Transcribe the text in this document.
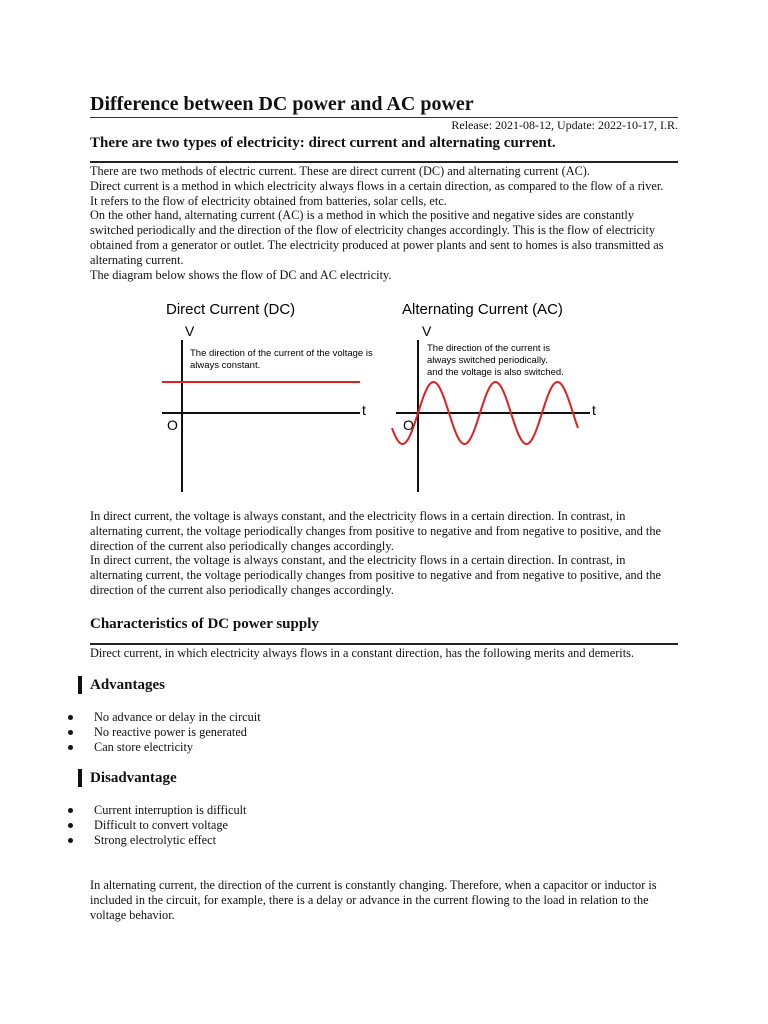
Difference between DC power and AC power
Release: 2021-08-12, Update: 2022-10-17, I.R.
There are two types of electricity: direct current and alternating current.
There are two methods of electric current. These are direct current (DC) and alternating current (AC).
Direct current is a method in which electricity always flows in a certain direction, as compared to the flow of a river.
It refers to the flow of electricity obtained from batteries, solar cells, etc.
On the other hand, alternating current (AC) is a method in which the positive and negative sides are constantly
switched periodically and the direction of the flow of electricity changes accordingly. This is the flow of electricity
obtained from a generator or outlet. The electricity produced at power plants and sent to homes is also transmitted as
alternating current.
The diagram below shows the flow of DC and AC electricity.
Direct Current (DC)
V
t
O
The direction of the current of the voltage is
always constant.
Alternating Current (AC)
V
t
O
The direction of the current is
always switched periodically.
and the voltage is also switched.
In direct current, the voltage is always constant, and the electricity flows in a certain direction. In contrast, in
alternating current, the voltage periodically changes from positive to negative and from negative to positive, and the
direction of the current also periodically changes accordingly.
In direct current, the voltage is always constant, and the electricity flows in a certain direction. In contrast, in
alternating current, the voltage periodically changes from positive to negative and from negative to positive, and the
direction of the current also periodically changes accordingly.
Characteristics of DC power supply
Direct current, in which electricity always flows in a constant direction, has the following merits and demerits.
Advantages
No advance or delay in the circuit
No reactive power is generated
Can store electricity
Disadvantage
Current interruption is difficult
Difficult to convert voltage
Strong electrolytic effect
In alternating current, the direction of the current is constantly changing. Therefore, when a capacitor or inductor is
included in the circuit, for example, there is a delay or advance in the current flowing to the load in relation to the
voltage behavior.
